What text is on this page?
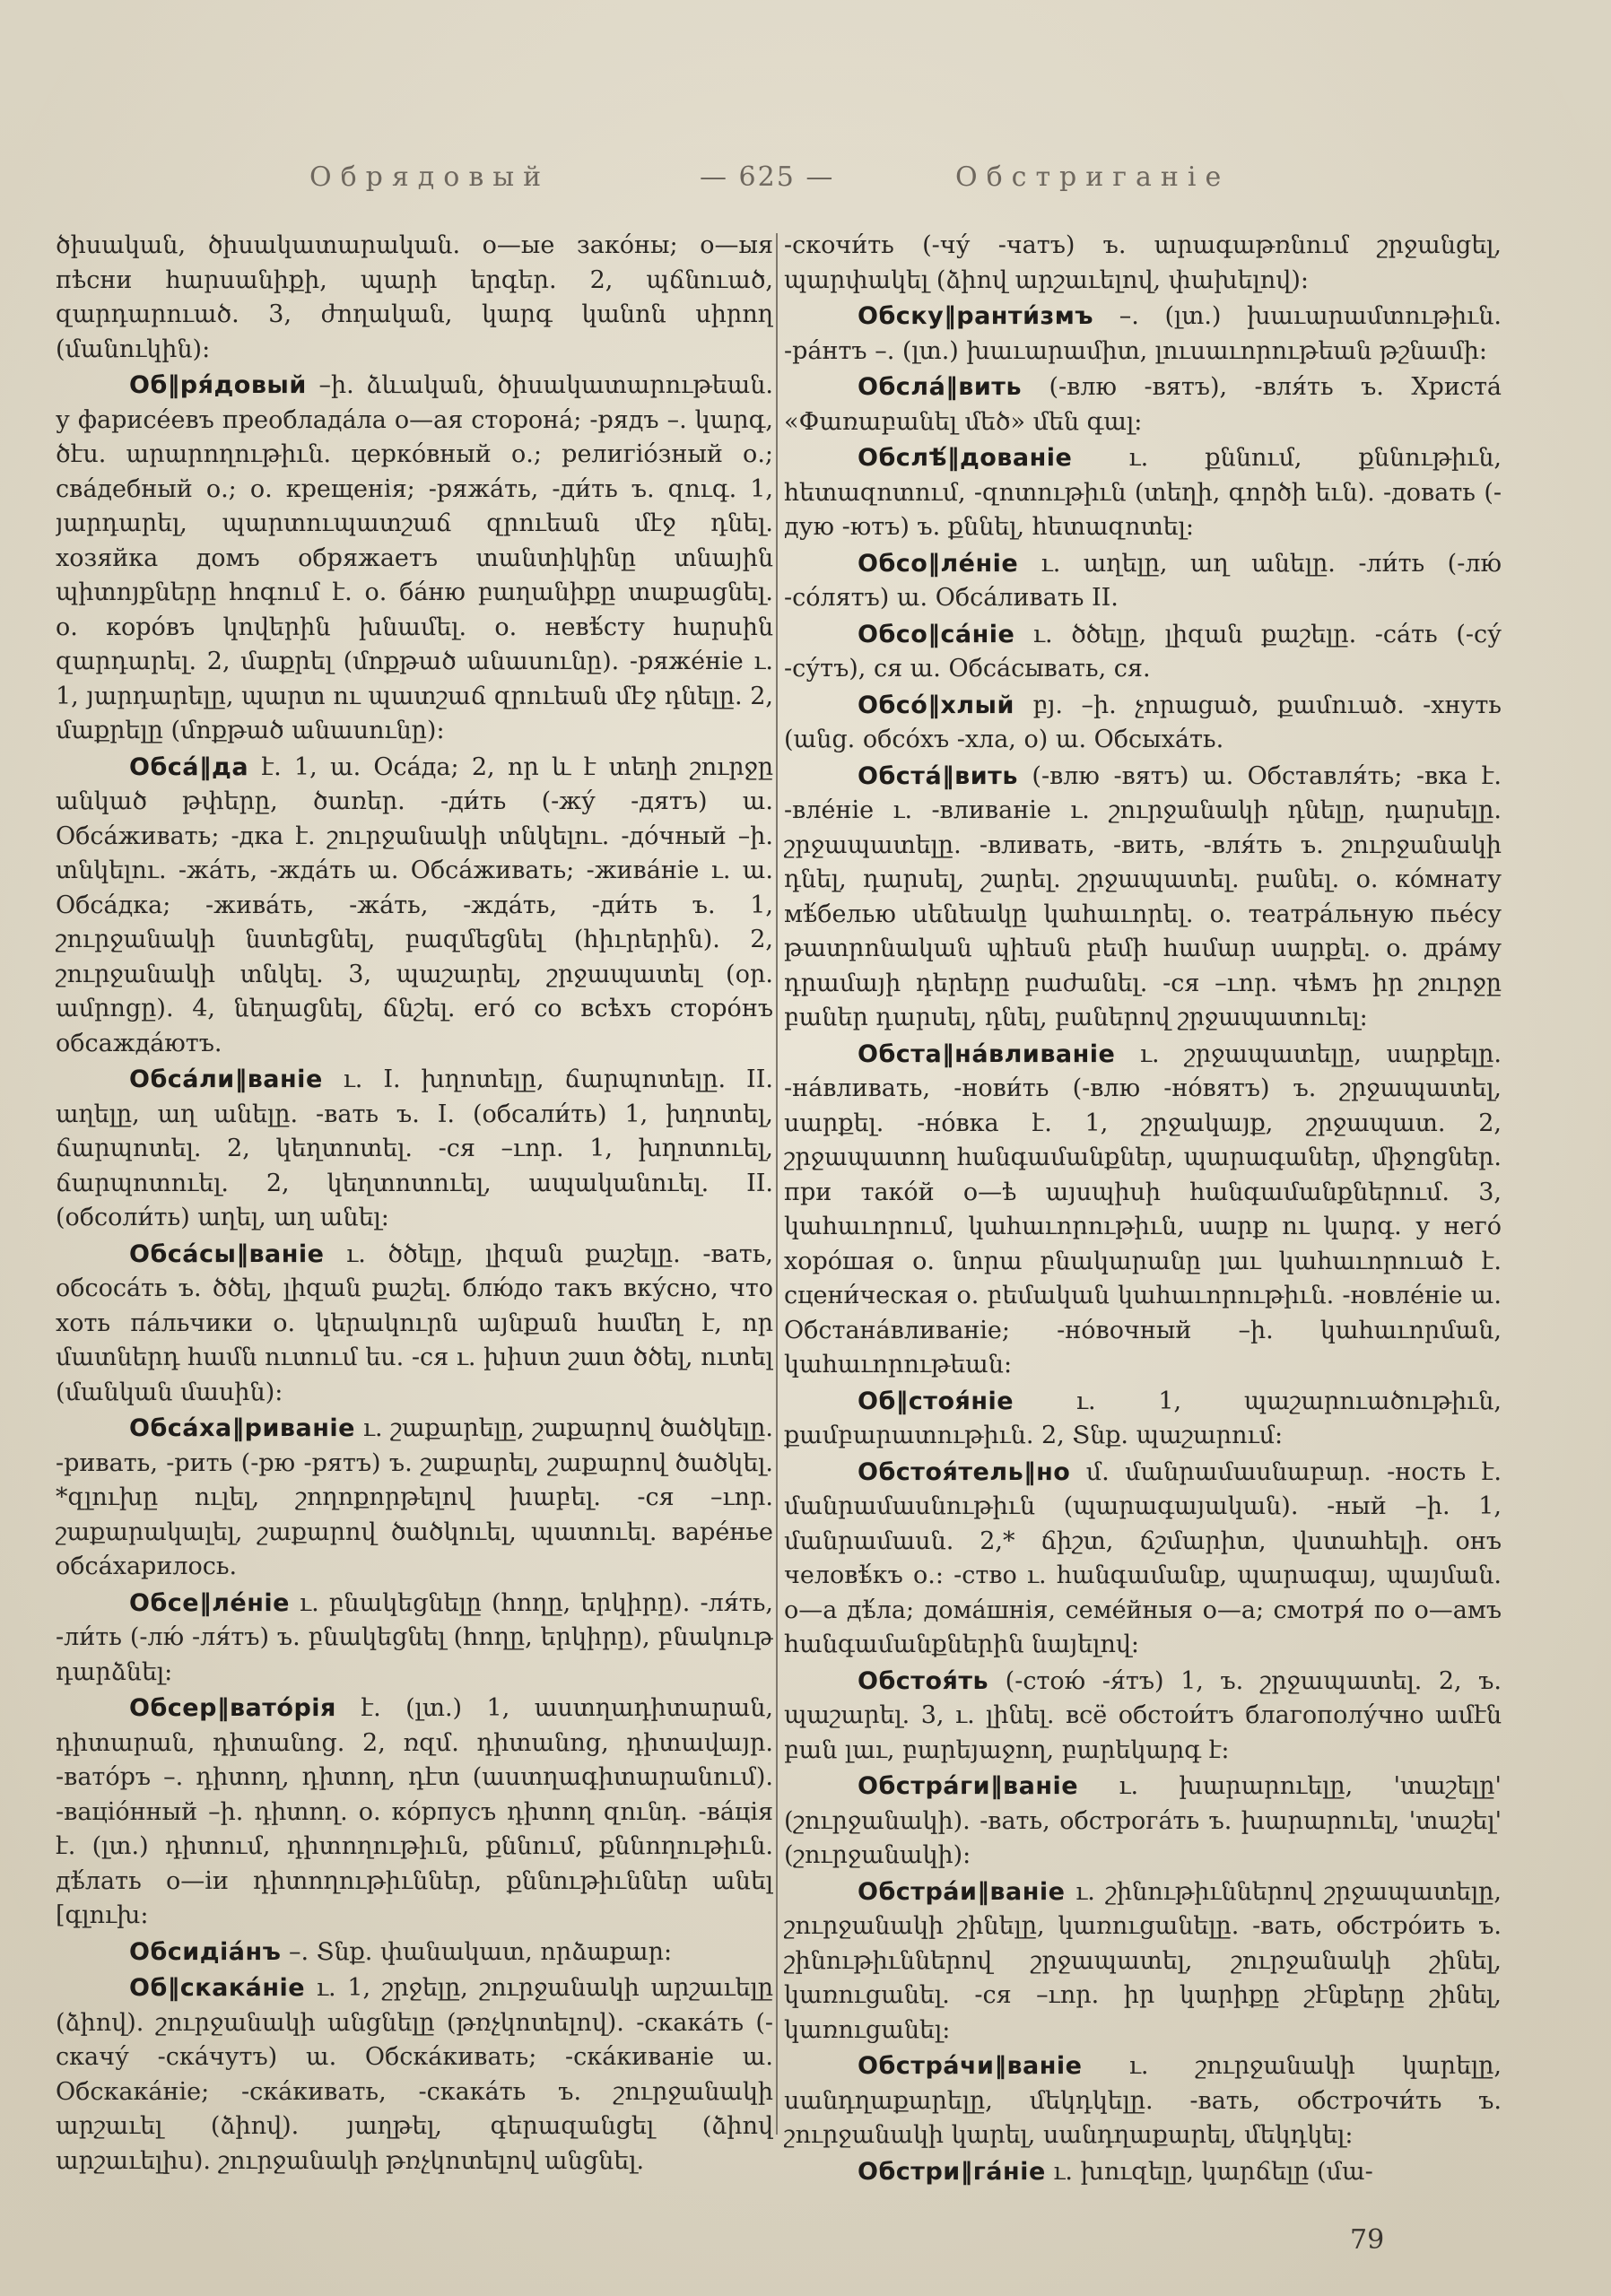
Обрядовый	— 625 —	Обстриганіе

ծիսական, ծիսակատարական. о—ые зако́ны; о—ыя пѣсни հարսանիքի, պարի երգեր. 2, պճնուած, զարդարուած. 3, ժողական, կարգ կանոն սիրող (մանուկին):

Об‖ря́довый –ի. ձևական, ծիսակատարութեան. у фарисе́евъ преоблада́ла о—ая сторона́; -рядъ –. կարգ, ծէս. արարողութիւն. церко́вный о.; религіо́зный о.; сва́дебный о.; о. крещенія; -ряжа́ть, -ди́ть ъ. զուգ. 1, յարդարել, պարտուպատշաճ զրուեան մէջ դնել. хозяйка домъ обряжаетъ տանտիկինը տնային պիտոյքները հոգում է. о. ба́ню բաղանիքը տաքացնել. о. коро́въ կովերին խնամել. о. невѣ́сту հարսին զարդարել. 2, մաքրել (մոքթած անասունը). -ряже́ніе ւ. 1, յարդարելը, պարտ ու պատշաճ զրուեան մէջ դնելը. 2, մաքրելը (մոքթած անասունը):

Обса́‖да է. 1, ա. Оса́да; 2, որ և է տեղի շուրջը անկած թփերը, ծառեր. -ди́ть (-жу́ -дятъ) ա. Обса́живать; -дка է. շուրջանակի տնկելու. -до́чный –ի. տնկելու. -жа́ть, -жда́ть ա. Обса́живать; -жива́ніе ւ. ա. Обса́дка; -жива́ть, -жа́ть, -жда́ть, -ди́ть ъ. 1, շուրջանակի նստեցնել, բազմեցնել (հիւրերին). 2, շուրջանակի տնկել. 3, պաշարել, շրջապատել (օր. ամրոցը). 4, նեղացնել, ճնշել. его́ со всѣхъ сторо́нъ обсажда́ютъ.

Обса́ли‖ваніе ւ. I. խղոտելը, ճարպոտելը. II. աղելը, աղ անելը. -вать ъ. I. (обсали́ть) 1, խղոտել, ճարպոտել. 2, կեղտոտել. -ся –ւոր. 1, խղոտուել, ճարպոտուել. 2, կեղտոտուել, ապականուել. II. (обсоли́ть) աղել, աղ անել:

Обса́сы‖ваніе ւ. ծծելը, լիզան քաշելը. -вать, обсоса́ть ъ. ծծել, լիզան քաշել. блю́до такъ вку́сно, что хоть па́льчики о. կերակուրն այնքան համեղ է, որ մատներդ համն ուտում ես. -ся ւ. խիստ շատ ծծել, ուտել (մանկան մասին):

Обса́ха‖риваніе ւ. շաքարելը, շաքարով ծածկելը. -ривать, -рить (-рю -рятъ) ъ. շաքարել, շաքարով ծածկել. *զլուխը ուլել, շողոքորթելով խաբել. -ся –ւոր. շաքարակալել, շաքարով ծածկուել, պատուել. варе́нье обса́харилось.

Обсе‖ле́ніе ւ. բնակեցնելը (հողը, երկիրը). -ля́ть, -ли́ть (-лю́ -ля́тъ) ъ. բնակեցնել (հողը, երկիրը), բնակութ դարձնել:

Обсер‖вато́рія է. (լտ.) 1, աստղադիտարան, դիտարան, դիտանոց. 2, ռզմ. դիտանոց, դիտավայր. -вато́ръ –. դիտող, դիտող, դէտ (աստղագիտարանում). -ваціо́нный –ի. դիտող. о. ко́рпусъ դիտող զունդ. -ва́ція է. (լտ.) դիտում, դիտողութիւն, քննում, քննողութիւն. дѣ́лать о—іи դիտողութիւններ, քննութիւններ անել [գլուխ:

Обсидіа́нъ –. Տնք. փանակատ, որձաքար:

Об‖скака́ніе ւ. 1, շրջելը, շուրջանակի արշաւելը (ձիով). շուրջանակի անցնելը (թռչկոտելով). -скака́ть (-скачу́ -ска́чутъ) ա. Обска́кивать; -ска́киваніе ա. Обскака́ніе; -ска́кивать, -скака́ть ъ. շուրջանակի արշաւել (ձիով). յաղթել, գերազանցել (ձիով արշաւելիս). շուրջանակի թռչկոտելով անցնել.

-скочи́ть (-чу́ -чатъ) ъ. արագաթռնում շրջանցել, պարփակել (ձիով արշաւելով, փախելով):

Обску‖ранти́змъ –. (լտ.) խաւարամտութիւն. -ра́нтъ –. (լտ.) խաւարամիտ, լուսաւորութեան թշնամի:

Обсла́‖вить (-влю -вятъ), -вля́ть ъ. Христа́ «Փառաբանել մեծ» մեն գալ:

Обслѣ́‖дованіе ւ. քննում, քննութիւն, հետազոտում, -զոտութիւն (տեղի, գործի եւն). -довать (-дую -ютъ) ъ. քննել, հետազոտել:

Обсо‖ле́ніе ւ. աղելը, աղ անելը. -ли́ть (-лю́ -со́лятъ) ա. Обса́ливать II.

Обсо‖са́ніе ւ. ծծելը, լիզան քաշելը. -са́ть (-су́ -су́тъ), ся ա. Обса́сывать, ся.

Обсо́‖хлый բյ. –ի. չորացած, քամուած. -хнуть (անց. обсо́хъ -хла, о) ա. Обсыха́ть.

Обста́‖вить (-влю -вятъ) ա. Обставля́ть; -вка է. -вле́ніе ւ. -вливаніе ւ. շուրջանակի դնելը, դարսելը. շրջապատելը. -вливать, -вить, -вля́ть ъ. շուրջանակի դնել, դարսել, շարել. շրջապատել. բանել. о. ко́мнату мѣ́белью սենեակը կահաւորել. о. театра́льную пье́су թատրոնական պիեսն բեմի համար սարքել. о. дра́му դրամայի դերերը բաժանել. -ся –ւոր. чѣмъ իր շուրջը բաներ դարսել, դնել, բաներով շրջապատուել:

Обста‖на́вливаніе ւ. շրջապատելը, սարքելը. -на́вливать, -нови́ть (-влю -но́вятъ) ъ. շրջապատել, սարքել. -но́вка է. 1, շրջակայք, շրջապատ. 2, շրջապատող հանգամանքներ, պարագաներ, միջոցներ. при тако́й о—ѣ այսպիսի հանգամանքներում. 3, կահաւորում, կահաւորութիւն, սարք ու կարգ. у него́ хоро́шая о. նորա բնակարանը լաւ կահաւորուած է. сцени́ческая о. բեմական կահաւորութիւն. -новле́ніе ա. Обстана́вливаніе; -но́вочный –ի. կահաւորման, կահաւորութեան:

Об‖стоя́ніе	ւ. 1, պաշարուածութիւն, քամբարատութիւն. 2, Տնք. պաշարում:

Обстоя́тель‖но մ. մանրամասնաբար. -ность է. մանրամասնութիւն (պարագայական). -ный –ի. 1, մանրամասն. 2,* ճիշտ, ճշմարիտ, վստահելի. онъ человѣ́къ о.: -ство ւ. հանգամանք, պարագայ, պայման. о—а дѣ́ла; дома́шнія, семе́йныя о—а; смотря́ по о—амъ հանգամանքներին նայելով:

Обстоя́ть (-стою́ -я́тъ) 1, ъ. շրջապատել. 2, ъ. պաշարել. 3, ւ. լինել. всё обстои́тъ благополу́чно ամէն բան լաւ, բարեյաջող, բարեկարգ է:

Обстра́ги‖ваніе ւ. խարարուելը, 'տաշելը' (շուրջանակի). -вать, обстрога́ть ъ. խարարուել, 'տաշել' (շուրջանակի):

Обстра́и‖ваніе ւ. շինութիւններով շրջապատելը, շուրջանակի շինելը, կառուցանելը. -вать, обстро́ить ъ. շինութիւններով շրջապատել, շուրջանակի շինել, կառուցանել. -ся –ւոր. իր կարիքը շէնքերը շինել, կառուցանել:

Обстра́чи‖ваніе ւ. շուրջանակի կարելը, սանդղաքարելը, մեկդկելը. -вать, обстрочи́ть ъ. շուրջանակի կարել, սանդղաքարել, մեկդկել:

Обстри‖га́ніе ւ. խուզելը, կարճելը (մա-

79
